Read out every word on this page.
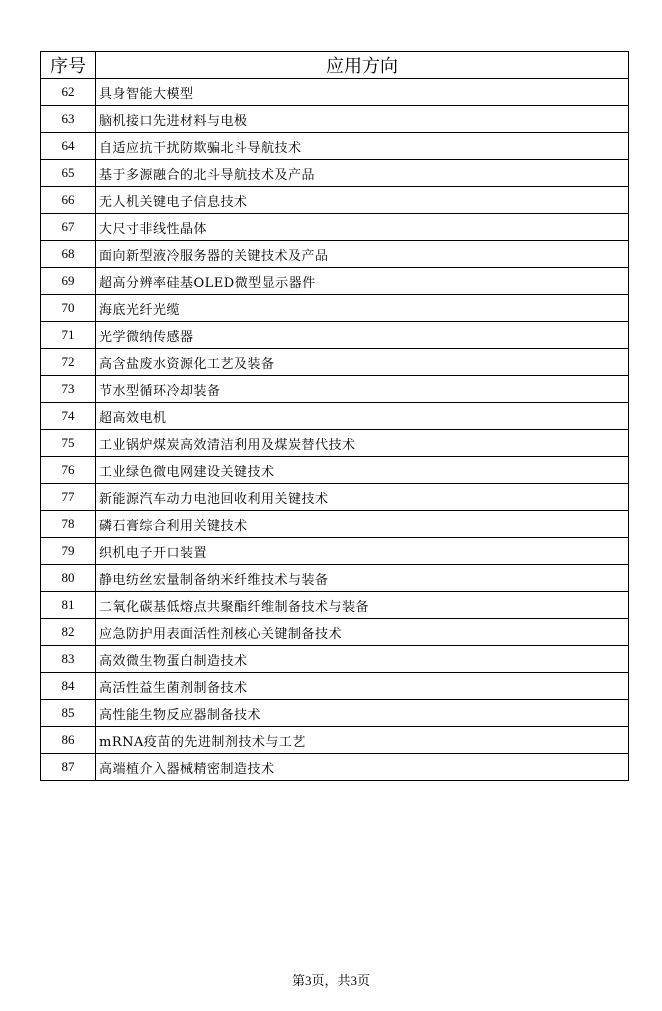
序号	应用方向
62	具身智能大模型
63	脑机接口先进材料与电极
64	自适应抗干扰防欺骗北斗导航技术
65	基于多源融合的北斗导航技术及产品
66	无人机关键电子信息技术
67	大尺寸非线性晶体
68	面向新型液冷服务器的关键技术及产品
69	超高分辨率硅基OLED微型显示器件
70	海底光纤光缆
71	光学微纳传感器
72	高含盐废水资源化工艺及装备
73	节水型循环冷却装备
74	超高效电机
75	工业锅炉煤炭高效清洁利用及煤炭替代技术
76	工业绿色微电网建设关键技术
77	新能源汽车动力电池回收利用关键技术
78	磷石膏综合利用关键技术
79	织机电子开口装置
80	静电纺丝宏量制备纳米纤维技术与装备
81	二氧化碳基低熔点共聚酯纤维制备技术与装备
82	应急防护用表面活性剂核心关键制备技术
83	高效微生物蛋白制造技术
84	高活性益生菌剂制备技术
85	高性能生物反应器制备技术
86	mRNA疫苗的先进制剂技术与工艺
87	高端植介入器械精密制造技术
第3页，共3页
